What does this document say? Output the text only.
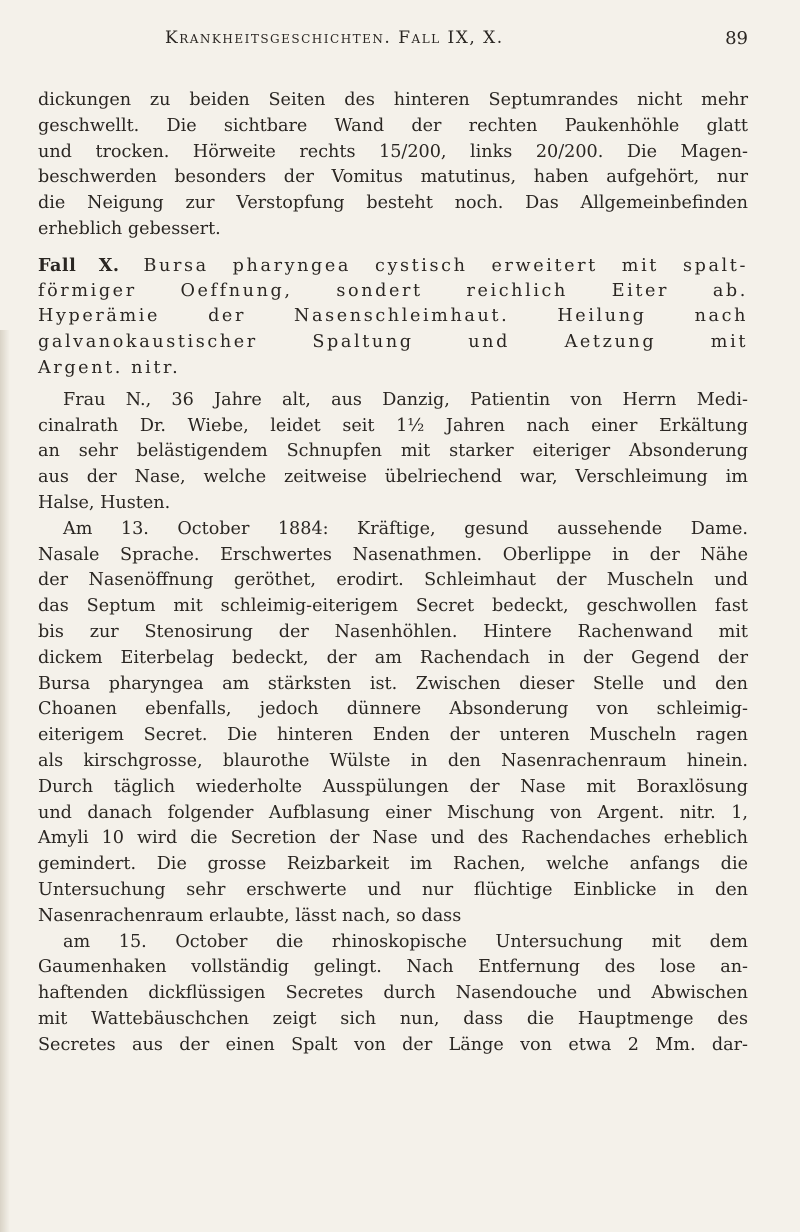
Krankheitsgeschichten. Fall IX, X.	89
dickungen zu beiden Seiten des hinteren Septumrandes nicht mehr
geschwellt. Die sichtbare Wand der rechten Paukenhöhle glatt
und trocken. Hörweite rechts 15/200, links 20/200. Die Magen-
beschwerden besonders der Vomitus matutinus, haben aufgehört, nur
die Neigung zur Verstopfung besteht noch. Das Allgemeinbefinden
erheblich gebessert.
Fall X. Bursa pharyngea cystisch erweitert mit spalt-
förmiger Oeffnung, sondert reichlich Eiter ab.
Hyperämie der Nasenschleimhaut. Heilung nach
galvanokaustischer Spaltung und Aetzung mit
Argent. nitr.
Frau N., 36 Jahre alt, aus Danzig, Patientin von Herrn Medi-
cinalrath Dr. Wiebe, leidet seit 1½ Jahren nach einer Erkältung
an sehr belästigendem Schnupfen mit starker eiteriger Absonderung
aus der Nase, welche zeitweise übelriechend war, Verschleimung im
Halse, Husten.
Am 13. October 1884: Kräftige, gesund aussehende Dame.
Nasale Sprache. Erschwertes Nasenathmen. Oberlippe in der Nähe
der Nasenöffnung geröthet, erodirt. Schleimhaut der Muscheln und
das Septum mit schleimig-eiterigem Secret bedeckt, geschwollen fast
bis zur Stenosirung der Nasenhöhlen. Hintere Rachenwand mit
dickem Eiterbelag bedeckt, der am Rachendach in der Gegend der
Bursa pharyngea am stärksten ist. Zwischen dieser Stelle und den
Choanen ebenfalls, jedoch dünnere Absonderung von schleimig-
eiterigem Secret. Die hinteren Enden der unteren Muscheln ragen
als kirschgrosse, blaurothe Wülste in den Nasenrachenraum hinein.
Durch täglich wiederholte Ausspülungen der Nase mit Boraxlösung
und danach folgender Aufblasung einer Mischung von Argent. nitr. 1,
Amyli 10 wird die Secretion der Nase und des Rachendaches erheblich
gemindert. Die grosse Reizbarkeit im Rachen, welche anfangs die
Untersuchung sehr erschwerte und nur flüchtige Einblicke in den
Nasenrachenraum erlaubte, lässt nach, so dass
am 15. October die rhinoskopische Untersuchung mit dem
Gaumenhaken vollständig gelingt. Nach Entfernung des lose an-
haftenden dickflüssigen Secretes durch Nasendouche und Abwischen
mit Wattebäuschchen zeigt sich nun, dass die Hauptmenge des
Secretes aus der einen Spalt von der Länge von etwa 2 Mm. dar-
